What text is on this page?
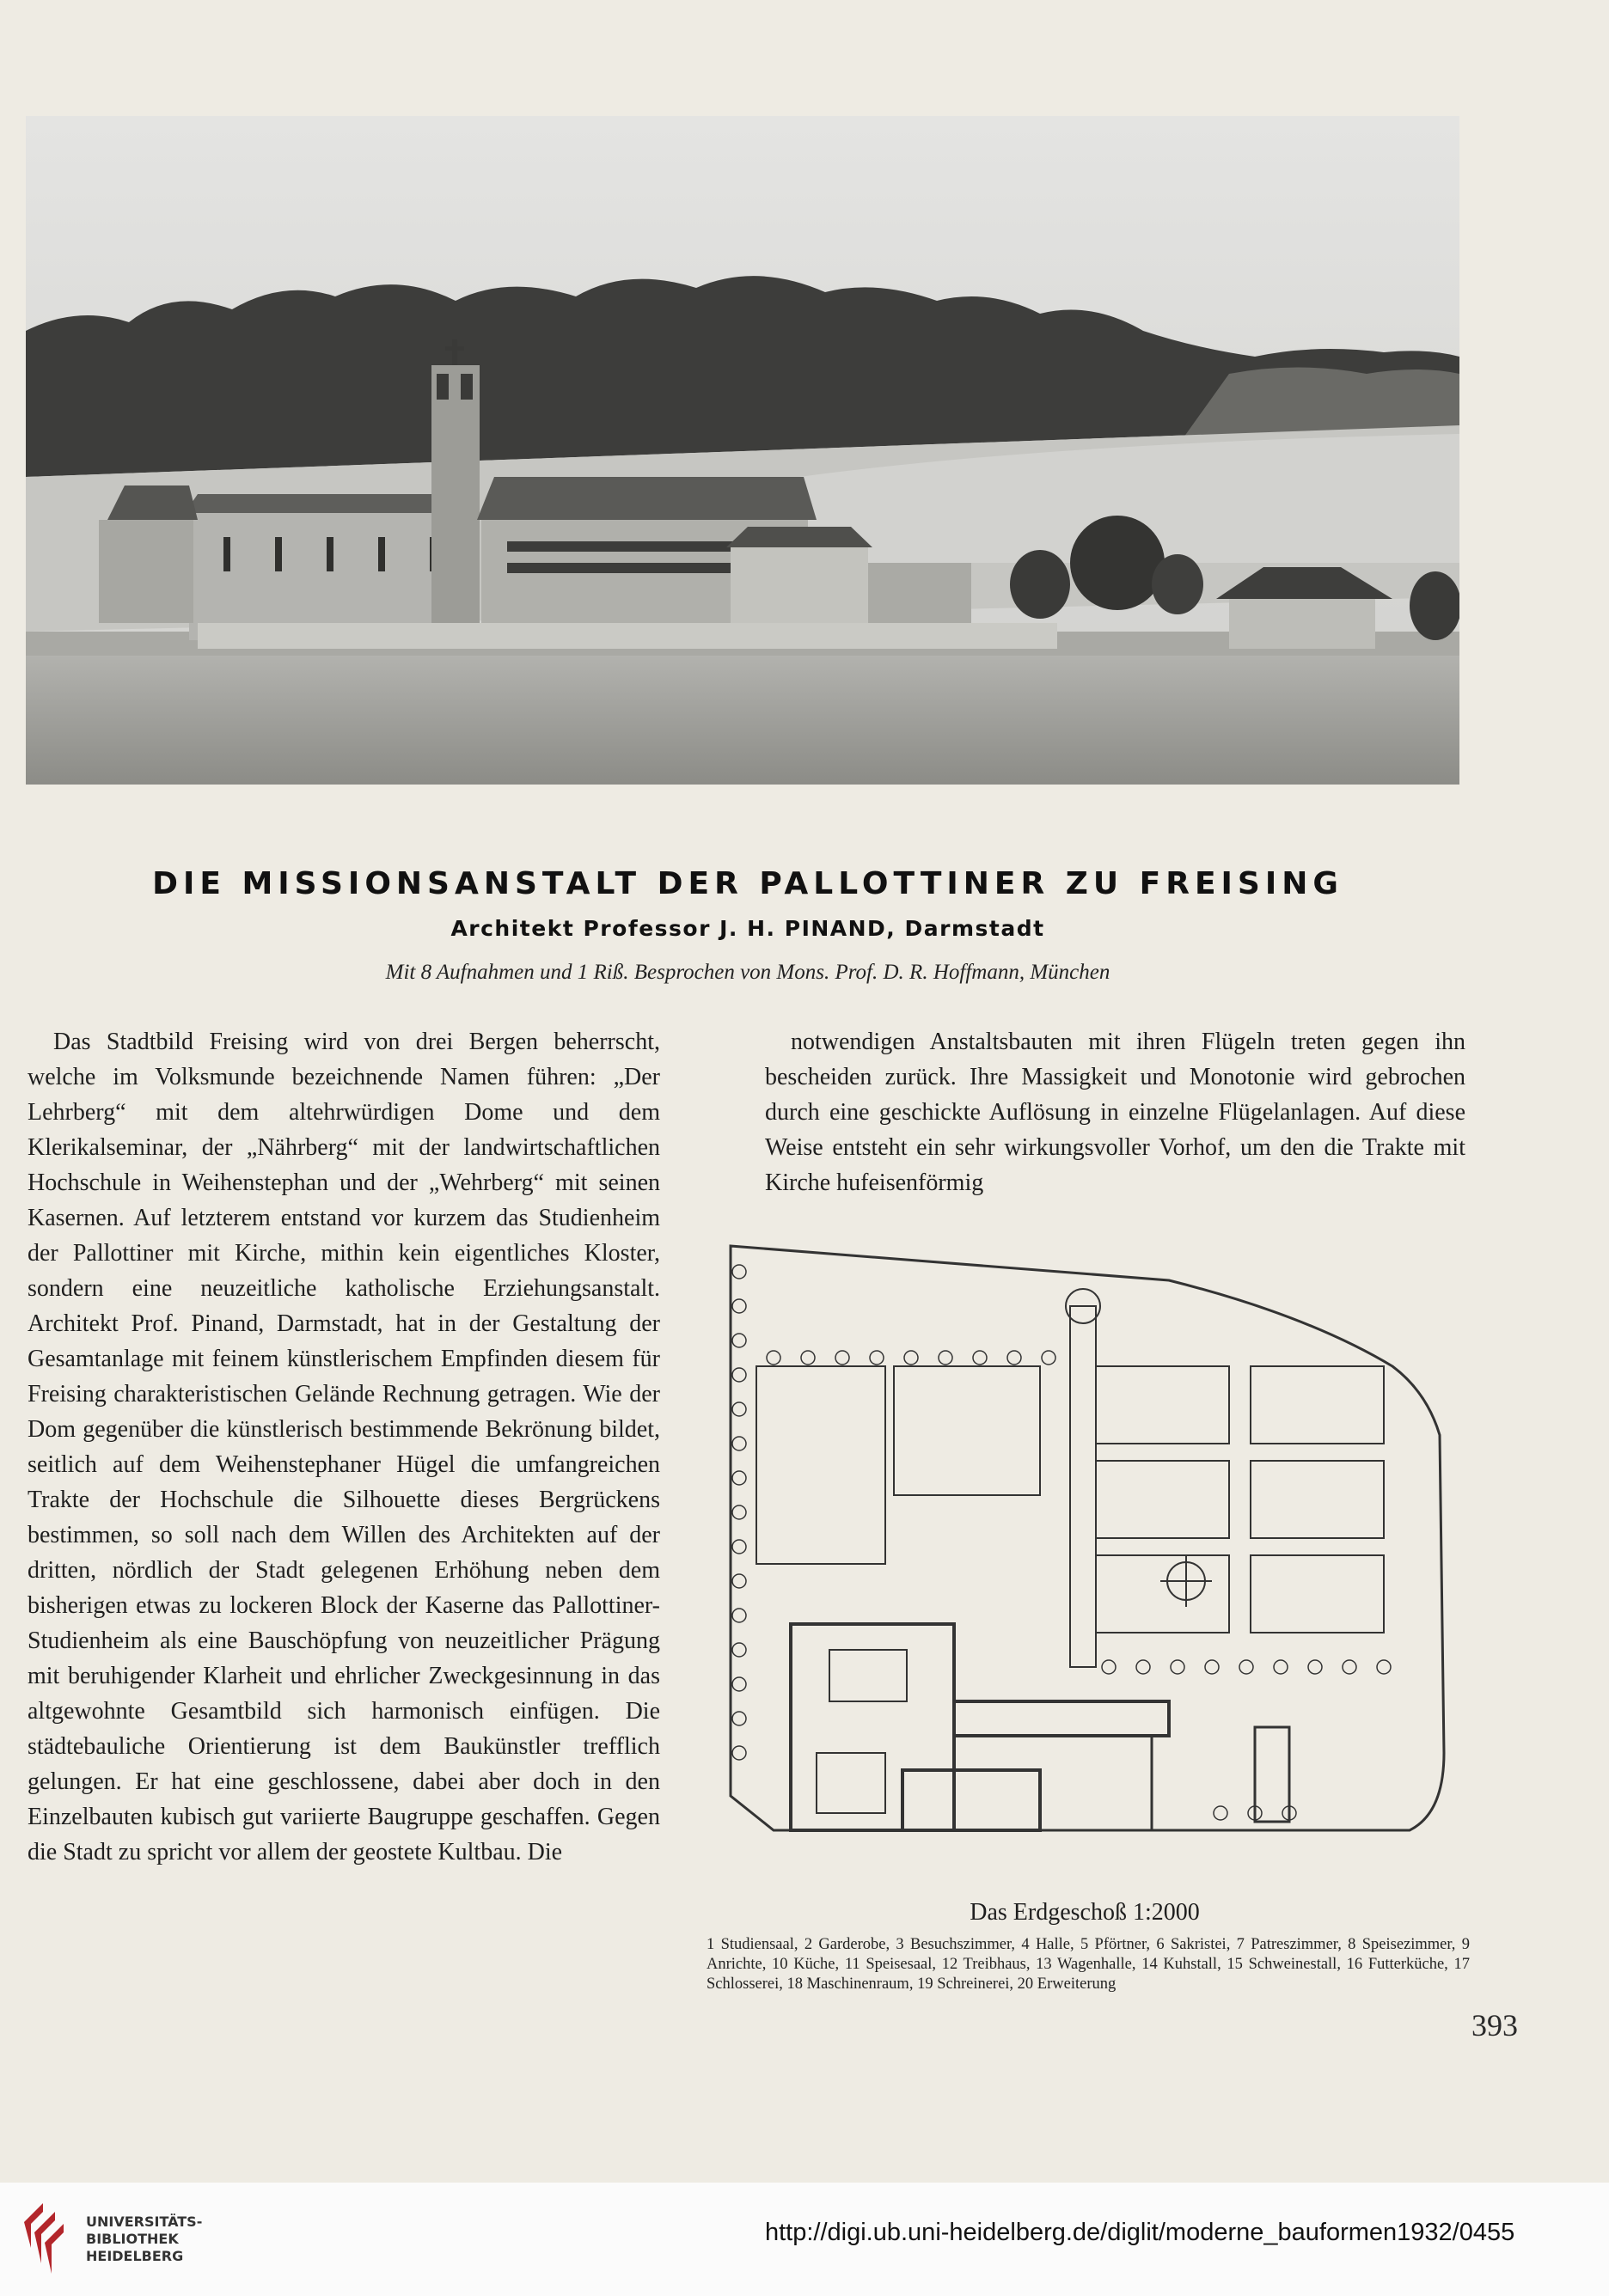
DIE MISSIONSANSTALT DER PALLOTTINER ZU FREISING
Architekt Professor J. H. PINAND, Darmstadt

Mit 8 Aufnahmen und 1 Riß. Besprochen von Mons. Prof. D. R. Hoffmann, München

Das Stadtbild Freising wird von drei Bergen beherrscht, welche im Volksmunde bezeichnende Namen führen: „Der Lehrberg“ mit dem altehrwürdigen Dome und dem Klerikalseminar, der „Nährberg“ mit der landwirtschaftlichen Hochschule in Weihenstephan und der „Wehrberg“ mit seinen Kasernen. Auf letzterem entstand vor kurzem das Studienheim der Pallottiner mit Kirche, mithin kein eigentliches Kloster, sondern eine neuzeitliche katholische Erziehungsanstalt. Architekt Prof. Pinand, Darmstadt, hat in der Gestaltung der Gesamtanlage mit feinem künstlerischem Empfinden diesem für Freising charakteristischen Gelände Rechnung getragen. Wie der Dom gegenüber die künstlerisch bestimmende Bekrönung bildet, seitlich auf dem Weihenstephaner Hügel die umfangreichen Trakte der Hochschule die Silhouette dieses Bergrückens bestimmen, so soll nach dem Willen des Architekten auf der dritten, nördlich der Stadt gelegenen Erhöhung neben dem bisherigen etwas zu lockeren Block der Kaserne das Pallottiner-Studienheim als eine Bauschöpfung von neuzeitlicher Prägung mit beruhigender Klarheit und ehrlicher Zweckgesinnung in das altgewohnte Gesamtbild sich harmonisch einfügen. Die städtebauliche Orientierung ist dem Baukünstler trefflich gelungen. Er hat eine geschlossene, dabei aber doch in den Einzelbauten kubisch gut variierte Baugruppe geschaffen. Gegen die Stadt zu spricht vor allem der geostete Kultbau. Die

notwendigen Anstaltsbauten mit ihren Flügeln treten gegen ihn bescheiden zurück. Ihre Massigkeit und Monotonie wird gebrochen durch eine geschickte Auflösung in einzelne Flügelanlagen. Auf diese Weise entsteht ein sehr wirkungsvoller Vorhof, um den die Trakte mit Kirche hufeisenförmig

Das Erdgeschoß 1:2000

1 Studiensaal, 2 Garderobe, 3 Besuchszimmer, 4 Halle, 5 Pförtner, 6 Sakristei, 7 Patreszimmer, 8 Speisezimmer, 9 Anrichte, 10 Küche, 11 Speisesaal, 12 Treibhaus, 13 Wagenhalle, 14 Kuhstall, 15 Schweinestall, 16 Futterküche, 17 Schlosserei, 18 Maschinenraum, 19 Schreinerei, 20 Erweiterung

393

UNIVERSITÄTS-
BIBLIOTHEK
HEIDELBERG

http://digi.ub.uni-heidelberg.de/diglit/moderne_bauformen1932/0455
